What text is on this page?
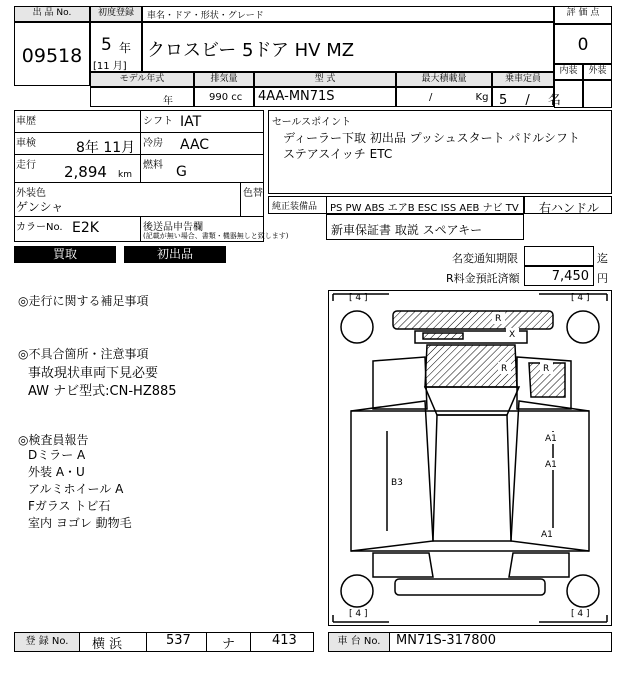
出 品 No.
09518
初度登録
5 年
[11 月]
車名・ドア・形状・グレード
クロスビー 5ドア HV MZ
評 価 点
0
内装	外装
モデル年式	排気量	型 式	最大積載量	乗車定員
年	990 cc 4AA-MN71S	/ Kg 5 / 名
車歴	シフト IAT
車検	8年 11月 冷房 AAC
走行 2,894 km
燃料 G
外装色
ゲンシャ
色替
カラーNo. E2K	後送品申告欄
(記載が無い場合、書類・機器無しと致します)
セールスポイント
ディーラー下取 初出品 プッシュスタート パドルシフト
ステアスイッチ ETC
純正装備品 PS PW ABS エアB ESC ISS AEB ナビ TV 右ハンドル
新車保証書 取説 スペアキー
買取	初出品	名変通知期限	迄
R料金預託済額 7,450 円
◎走行に関する補足事項
◎不具合箇所・注意事項
事故現状車両下見必要
AW ナビ型式:CN-HZ885
◎検査員報告
Dミラー A
外装 A・U
アルミホイール A
Fガラス トビ石
室内 ヨゴレ 動物毛
[ 4 ]	[ 4 ]
[ 4 ]	[ 4 ]
R
X
R	R
A1
A1
B3
A1
登 録 No.	横 浜	537 ナ	413	車 台 No.	MN71S-317800
